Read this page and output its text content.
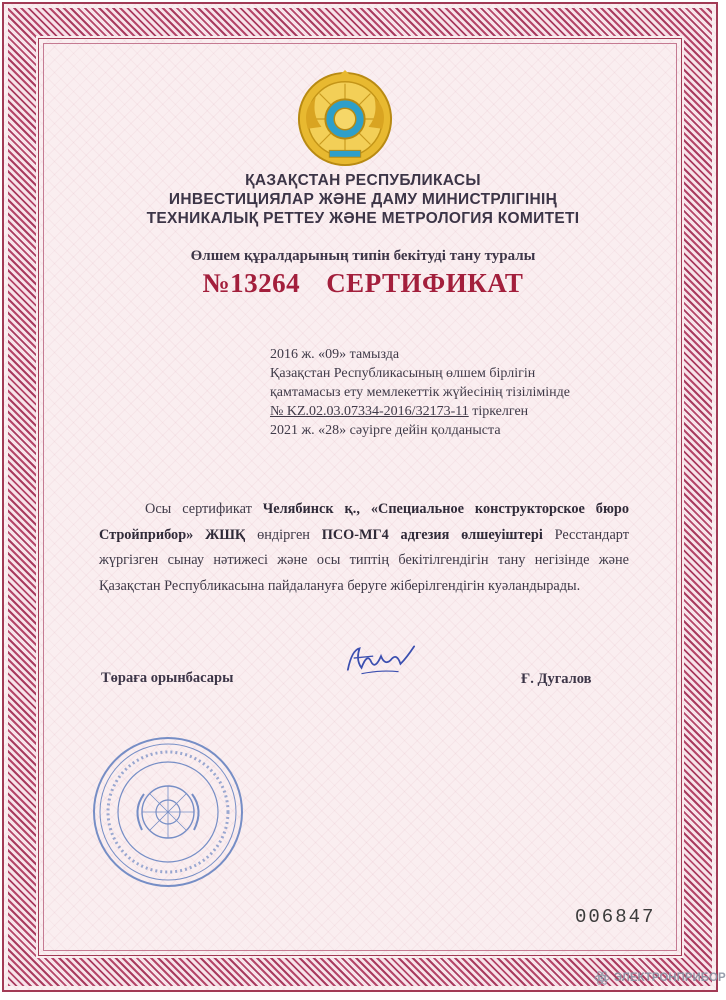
ҚАЗАҚСТАН РЕСПУБЛИКАСЫ
ИНВЕСТИЦИЯЛАР ЖӘНЕ ДАМУ МИНИСТРЛІГІНІҢ
ТЕХНИКАЛЫҚ РЕТТЕУ ЖӘНЕ МЕТРОЛОГИЯ КОМИТЕТІ
Өлшем құралдарының типін бекітуді тану туралы
№13264 СЕРТИФИКАТ
2016 ж. «09» тамызда
Қазақстан Республикасының өлшем бірлігін
қамтамасыз ету мемлекеттік жүйесінің тізілімінде
№ KZ.02.03.07334-2016/32173-11 тіркелген
2021 ж. «28» сәуірге дейін қолданыста
Осы сертификат Челябинск қ., «Специальное конструкторское бюро Стройприбор» ЖШҚ өндірген ПСО-МГ4 адгезия өлшеуіштері Ресстандарт жүргізген сынау нәтижесі және осы типтің бекітілгендігін тану негізінде және Қазақстан Республикасына пайдалануға беруге жіберілгендігін куәландырады.
Төраға орынбасары	Ғ. Дугалов
006847
ЭЛЕКТРОНПРИБОР
